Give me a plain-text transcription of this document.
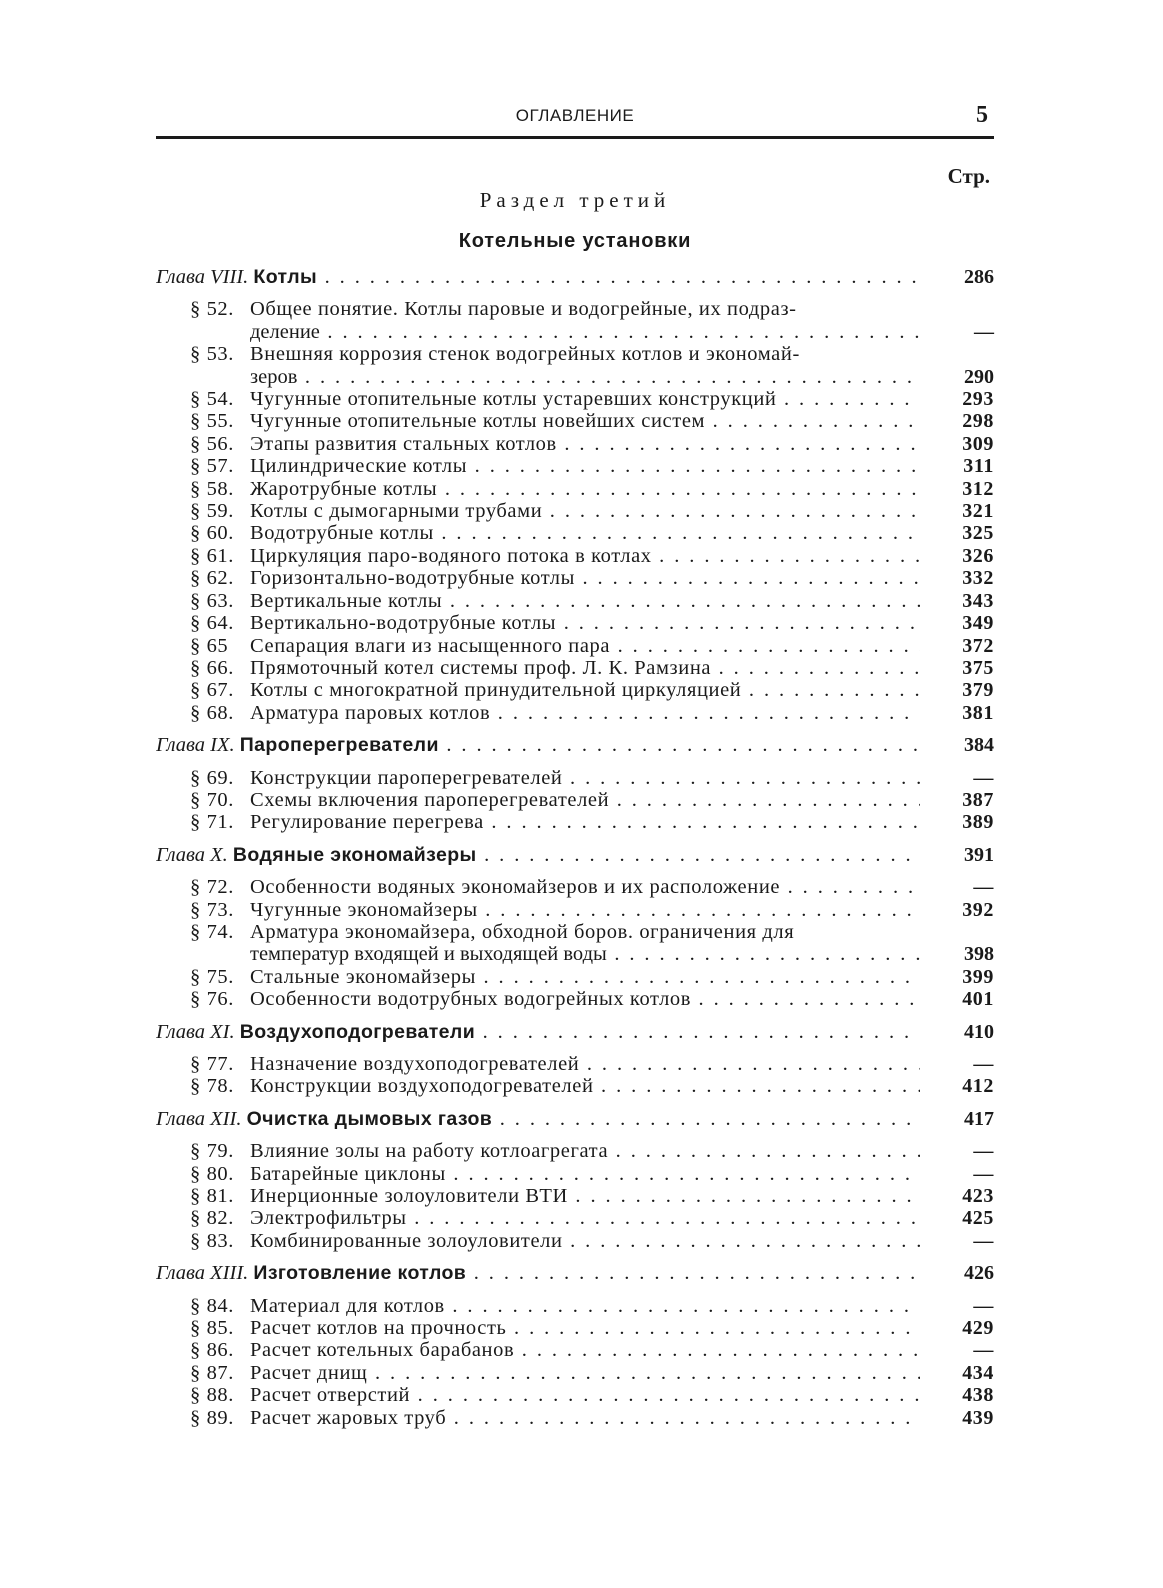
ОГЛАВЛЕНИЕ	5
Стр.
Раздел третий
Котельные установки
Глава VIII. Котлы . . .	286
§ 52. Общее понятие. Котлы паровые и водогрейные, их подраз-
деление . . .	—
§ 53. Внешняя коррозия стенок водогрейных котлов и экономай-
зеров . . .	290
§ 54. Чугунные отопительные котлы устаревших конструкций . . .	293
§ 55. Чугунные отопительные котлы новейших систем . . .	298
§ 56. Этапы развития стальных котлов . . .	309
§ 57. Цилиндрические котлы . . .	311
§ 58. Жаротрубные котлы . . .	312
§ 59. Котлы с дымогарными трубами . . .	321
§ 60. Водотрубные котлы . . .	325
§ 61. Циркуляция паро-водяного потока в котлах . . .	326
§ 62. Горизонтально-водотрубные котлы . . .	332
§ 63. Вертикальные котлы . . .	343
§ 64. Вертикально-водотрубные котлы . . .	349
§ 65 Сепарация влаги из насыщенного пара . . .	372
§ 66. Прямоточный котел системы проф. Л. К. Рамзина . . .	375
§ 67. Котлы с многократной принудительной циркуляцией . . .	379
§ 68. Арматура паровых котлов . . .	381
Глава IX. Пароперегреватели . . .	384
§ 69. Конструкции пароперегревателей . . .	—
§ 70. Схемы включения пароперегревателей . . .	387
§ 71. Регулирование перегрева . . .	389
Глава X. Водяные экономайзеры . . .	391
§ 72. Особенности водяных экономайзеров и их расположение . . .	—
§ 73. Чугунные экономайзеры . . .	392
§ 74. Арматура экономайзера, обходной боров. ограничения для
температур входящей и выходящей воды . . .	398
§ 75. Стальные экономайзеры . . .	399
§ 76. Особенности водотрубных водогрейных котлов . . .	401
Глава XI. Воздухоподогреватели . . .	410
§ 77. Назначение воздухоподогревателей . . .	—
§ 78. Конструкции воздухоподогревателей . . .	412
Глава XII. Очистка дымовых газов . . .	417
§ 79. Влияние золы на работу котлоагрегата . . .	—
§ 80. Батарейные циклоны . . .	—
§ 81. Инерционные золоуловители ВТИ . . .	423
§ 82. Электрофильтры . . .	425
§ 83. Комбинированные золоуловители . . .	—
Глава XIII. Изготовление котлов . . .	426
§ 84. Материал для котлов . . .	—
§ 85. Расчет котлов на прочность . . .	429
§ 86. Расчет котельных барабанов . . .	—
§ 87. Расчет днищ . . .	434
§ 88. Расчет отверстий . . .	438
§ 89. Расчет жаровых труб . . .	439
